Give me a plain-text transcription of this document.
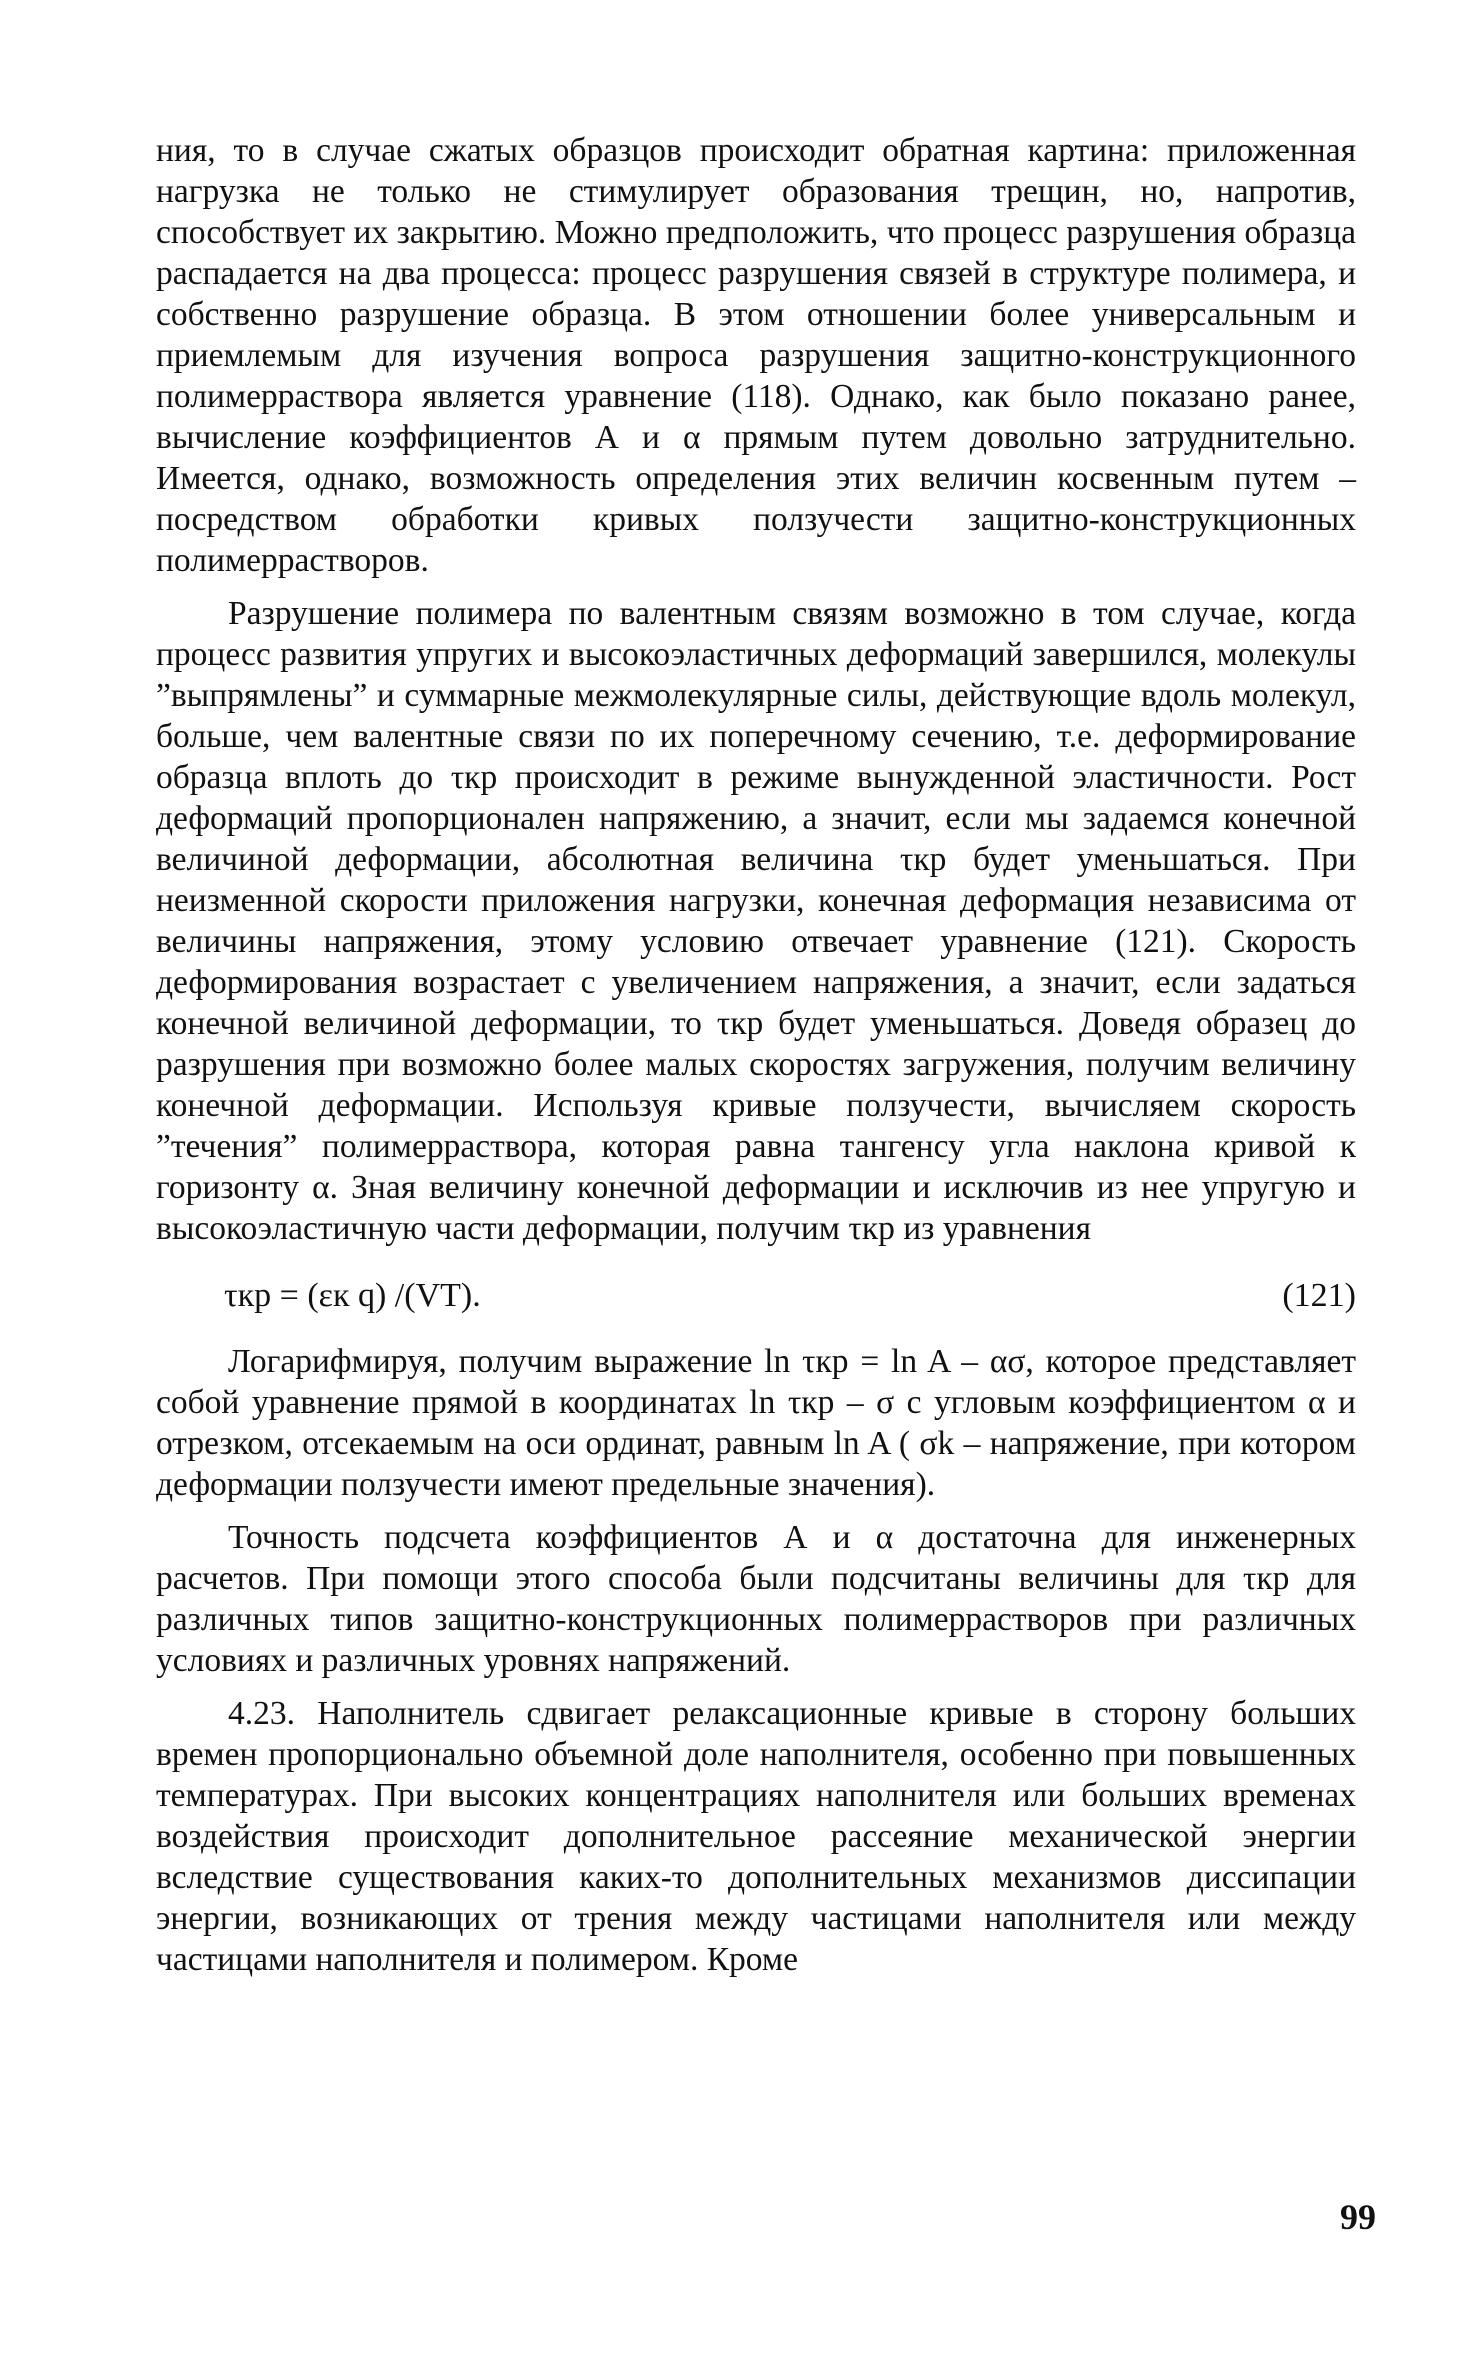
ния, то в случае сжатых образцов происходит обратная картина: приложенная нагрузка не только не стимулирует образования трещин, но, напротив, способствует их закрытию. Можно предположить, что процесс разрушения образца распадается на два процесса: процесс разрушения связей в структуре полимера, и собственно разрушение образца. В этом отношении более универсальным и приемлемым для изучения вопроса разрушения защитно-конструкционного полимерраствора является уравнение (118). Однако, как было показано ранее, вычисление коэффициентов А и α прямым путем довольно затруднительно. Имеется, однако, возможность определения этих величин косвенным путем – посредством обработки кривых ползучести защитно-конструкционных полимеррастворов.

Разрушение полимера по валентным связям возможно в том случае, когда процесс развития упругих и высокоэластичных деформаций завершился, молекулы ”выпрямлены” и суммарные межмолекулярные силы, действующие вдоль молекул, больше, чем валентные связи по их поперечному сечению, т.е. деформирование образца вплоть до τкр происходит в режиме вынужденной эластичности. Рост деформаций пропорционален напряжению, а значит, если мы задаемся конечной величиной деформации, абсолютная величина τкр будет уменьшаться. При неизменной скорости приложения нагрузки, конечная деформация независима от величины напряжения, этому условию отвечает уравнение (121). Скорость деформирования возрастает с увеличением напряжения, а значит, если задаться конечной величиной деформации, то τкр будет уменьшаться. Доведя образец до разрушения при возможно более малых скоростях загружения, получим величину конечной деформации. Используя кривые ползучести, вычисляем скорость ”течения” полимерраствора, которая равна тангенсу угла наклона кривой к горизонту α. Зная величину конечной деформации и исключив из нее упругую и высокоэластичную части деформации, получим τкр из уравнения

τкр = (εк q) /(VT).	(121)

Логарифмируя, получим выражение ln τкр = ln A – ασ, которое представляет собой уравнение прямой в координатах ln τкр – σ с угловым коэффициентом α и отрезком, отсекаемым на оси ординат, равным ln A ( σk – напряжение, при котором деформации ползучести имеют предельные значения).

Точность подсчета коэффициентов А и α достаточна для инженерных расчетов. При помощи этого способа были подсчитаны величины для τкр для различных типов защитно-конструкционных полимеррастворов при различных условиях и различных уровнях напряжений.

4.23. Наполнитель сдвигает релаксационные кривые в сторону больших времен пропорционально объемной доле наполнителя, особенно при повышенных температурах. При высоких концентрациях наполнителя или больших временах воздействия происходит дополнительное рассеяние механической энергии вследствие существования каких-то дополнительных механизмов диссипации энергии, возникающих от трения между частицами наполнителя или между частицами наполнителя и полимером. Кроме

99
